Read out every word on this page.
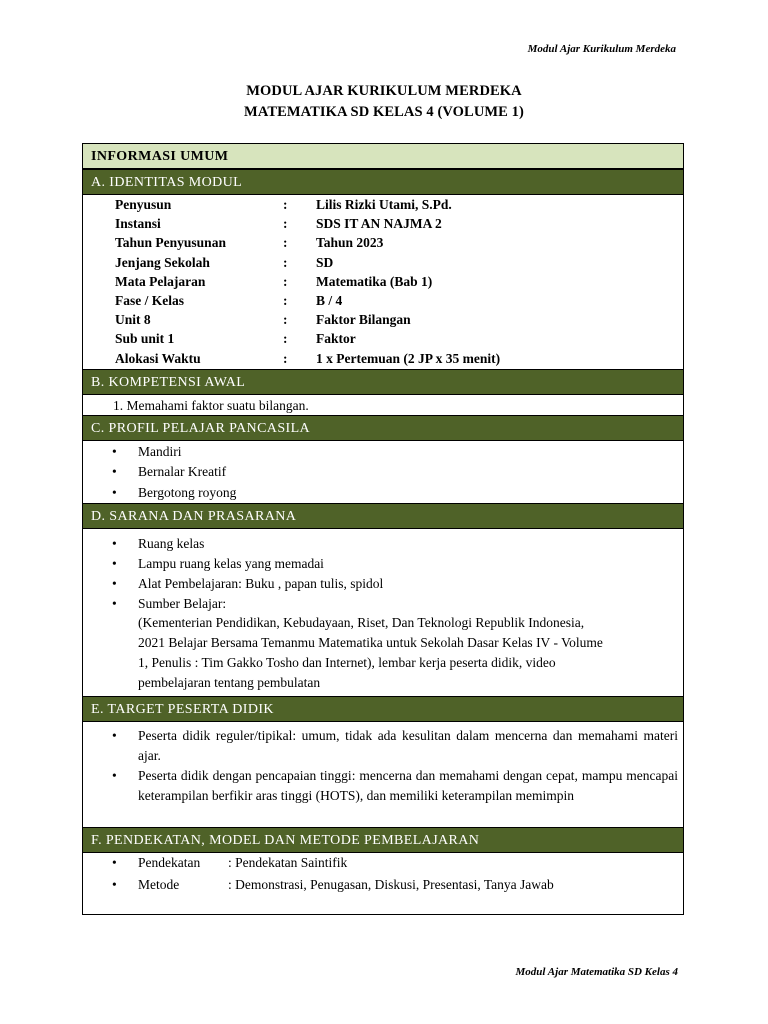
Modul Ajar Kurikulum Merdeka
MODUL AJAR KURIKULUM MERDEKA
MATEMATIKA SD KELAS 4 (VOLUME 1)
INFORMASI UMUM
A. IDENTITAS MODUL
Penyusun	: Lilis Rizki Utami, S.Pd.
Instansi	: SDS IT AN NAJMA 2
Tahun Penyusunan	: Tahun 2023
Jenjang Sekolah	: SD
Mata Pelajaran	: Matematika (Bab 1)
Fase / Kelas	: B / 4
Unit 8	: Faktor Bilangan
Sub unit 1	: Faktor
Alokasi Waktu	: 1 x Pertemuan (2 JP x 35 menit)
B. KOMPETENSI AWAL
1. Memahami faktor suatu bilangan.
C. PROFIL PELAJAR PANCASILA
• Mandiri
• Bernalar Kreatif
• Bergotong royong
D. SARANA DAN PRASARANA
• Ruang kelas
• Lampu ruang kelas yang memadai
• Alat Pembelajaran: Buku , papan tulis, spidol
• Sumber Belajar:
(Kementerian Pendidikan, Kebudayaan, Riset, Dan Teknologi Republik Indonesia,
2021 Belajar Bersama Temanmu Matematika untuk Sekolah Dasar Kelas IV - Volume
1, Penulis : Tim Gakko Tosho dan Internet), lembar kerja peserta didik, video
pembelajaran tentang pembulatan
E. TARGET PESERTA DIDIK
• Peserta didik reguler/tipikal: umum, tidak ada kesulitan dalam mencerna dan memahami materi ajar.
• Peserta didik dengan pencapaian tinggi: mencerna dan memahami dengan cepat, mampu mencapai keterampilan berfikir aras tinggi (HOTS), dan memiliki keterampilan memimpin
F. PENDEKATAN, MODEL DAN METODE PEMBELAJARAN
• Pendekatan : Pendekatan Saintifik
• Metode	: Demonstrasi, Penugasan, Diskusi, Presentasi, Tanya Jawab
Modul Ajar Matematika SD Kelas 4
